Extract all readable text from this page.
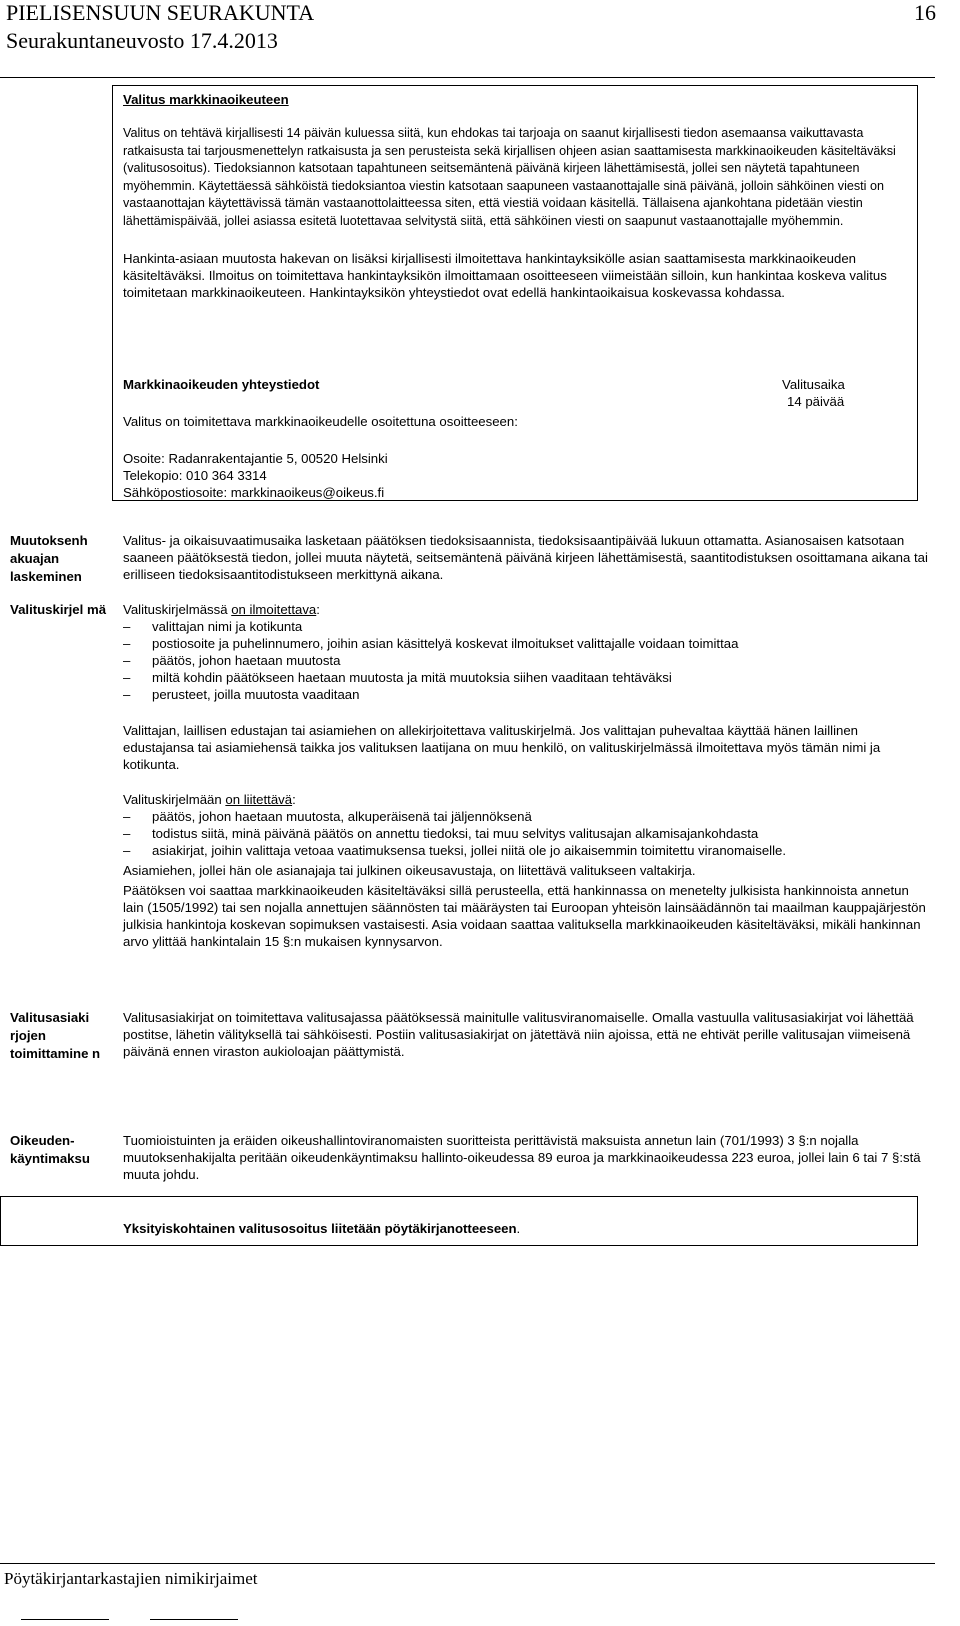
PIELISENSUUN SEURAKUNTA
Seurakuntaneuvosto 17.4.2013
16

Valitus markkinaoikeuteen

Valitus on tehtävä kirjallisesti 14 päivän kuluessa siitä, kun ehdokas tai tarjoaja on saanut kirjallisesti tiedon asemaansa vaikuttavasta ratkaisusta tai tarjousmenettelyn ratkaisusta ja sen perusteista sekä kirjallisen ohjeen asian saattamisesta markkinaoikeuden käsiteltäväksi (valitusosoitus). Tiedoksiannon katsotaan tapahtuneen seitsemäntenä päivänä kirjeen lähettämisestä, jollei sen näytetä tapahtuneen myöhemmin. Käytettäessä sähköistä tiedoksiantoa viestin katsotaan saapuneen vastaanottajalle sinä päivänä, jolloin sähköinen viesti on vastaanottajan käytettävissä tämän vastaanottolaitteessa siten, että viestiä voidaan käsitellä. Tällaisena ajankohtana pidetään viestin lähettämispäivää, jollei asiassa esitetä luotettavaa selvitystä siitä, että sähköinen viesti on saapunut vastaanottajalle myöhemmin.

Hankinta-asiaan muutosta hakevan on lisäksi kirjallisesti ilmoitettava hankintayksikölle asian saattamisesta markkinaoikeuden käsiteltäväksi. Ilmoitus on toimitettava hankintayksikön ilmoittamaan osoitteeseen viimeistään silloin, kun hankintaa koskeva valitus toimitetaan markkinaoikeuteen. Hankintayksikön yhteystiedot ovat edellä hankintaoikaisua koskevassa kohdassa.

Markkinaoikeuden yhteystiedot
Valitus on toimitettava markkinaoikeudelle osoitettuna osoitteeseen:
Osoite: Radanrakentajantie 5, 00520 Helsinki
Telekopio: 010 364 3314
Sähköpostiosoite: markkinaoikeus@oikeus.fi
Valitusaika
14 päivää
Muutoksenh akuajan laskeminen

Valitus- ja oikaisuvaatimusaika lasketaan päätöksen tiedoksisaannista, tiedoksisaantipäivää lukuun ottamatta. Asianosaisen katsotaan saaneen päätöksestä tiedon, jollei muuta näytetä, seitsemäntenä päivänä kirjeen lähettämisestä, saantitodistuksen osoittamana aikana tai erilliseen tiedoksisaantitodistukseen merkittynä aikana.

Valituskirjel mä	Valituskirjelmässä on ilmoitettava:

– valittajan nimi ja kotikunta
– postiosoite ja puhelinnumero, joihin asian käsittelyä koskevat ilmoitukset valittajalle voidaan toimittaa
– päätös, johon haetaan muutosta
– miltä kohdin päätökseen haetaan muutosta ja mitä muutoksia siihen vaaditaan tehtäväksi
– perusteet, joilla muutosta vaaditaan

Valittajan, laillisen edustajan tai asiamiehen on allekirjoitettava valituskirjelmä. Jos valittajan puhevaltaa käyttää hänen laillinen edustajansa tai asiamiehensä taikka jos valituksen laatijana on muu henkilö, on valituskirjelmässä ilmoitettava myös tämän nimi ja kotikunta.

Valituskirjelmään on liitettävä:

– päätös, johon haetaan muutosta, alkuperäisenä tai jäljennöksenä
– todistus siitä, minä päivänä päätös on annettu tiedoksi, tai muu selvitys valitusajan alkamisajankohdasta
– asiakirjat, joihin valittaja vetoaa vaatimuksensa tueksi, jollei niitä ole jo aikaisemmin toimitettu viranomaiselle.

Asiamiehen, jollei hän ole asianajaja tai julkinen oikeusavustaja, on liitettävä valitukseen valtakirja.

Päätöksen voi saattaa markkinaoikeuden käsiteltäväksi sillä perusteella, että hankinnassa on menetelty julkisista hankinnoista annetun lain (1505/1992) tai sen nojalla annettujen säännösten tai määräysten tai Euroopan yhteisön lainsäädännön tai maailman kauppajärjestön julkisia hankintoja koskevan sopimuksen vastaisesti. Asia voidaan saattaa valituksella markkinaoikeuden käsiteltäväksi, mikäli hankinnan arvo ylittää hankintalain 15 §:n mukaisen kynnysarvon.

Valitusasiaki rjojen toimittamine n

Valitusasiakirjat on toimitettava valitusajassa päätöksessä mainitulle valitusviranomaiselle. Omalla vastuulla valitusasiakirjat voi lähettää postitse, lähetin välityksellä tai sähköisesti. Postiin valitusasiakirjat on jätettävä niin ajoissa, että ne ehtivät perille valitusajan viimeisenä päivänä ennen viraston aukioloajan päättymistä.

Oikeuden-käyntimaksu

Tuomioistuinten ja eräiden oikeushallintoviranomaisten suoritteista perittävistä maksuista annetun lain (701/1993) 3 §:n nojalla muutoksenhakijalta peritään oikeudenkäyntimaksu hallinto-oikeudessa 89 euroa ja markkinaoikeudessa 223 euroa, jollei lain 6 tai 7 §:stä muuta johdu.

Yksityiskohtainen valitusosoitus liitetään pöytäkirjanotteeseen.
Pöytäkirjantarkastajien nimikirjaimet
